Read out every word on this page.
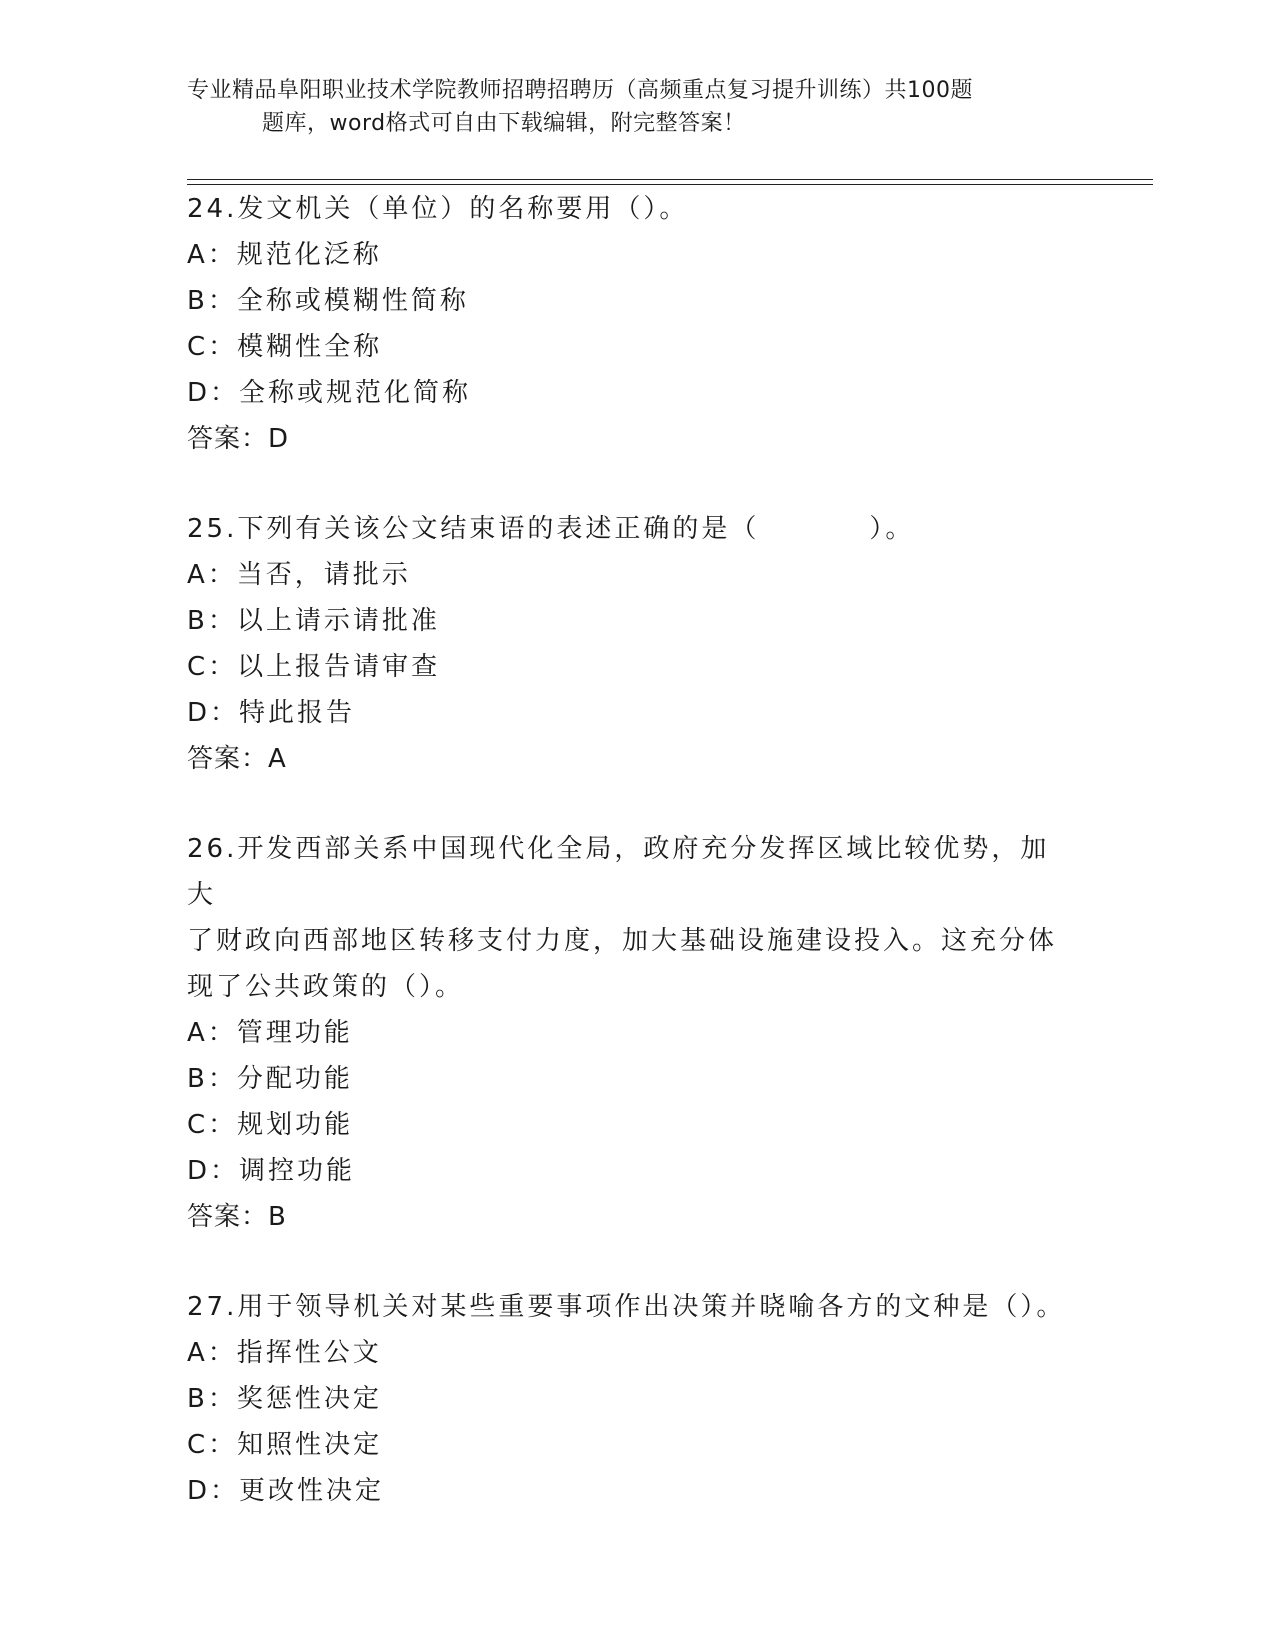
专业精品阜阳职业技术学院教师招聘招聘历（高频重点复习提升训练）共100题
题库，word格式可自由下载编辑，附完整答案！
24.发文机关（单位）的名称要用（）。
A：规范化泛称
B：全称或模糊性简称
C：模糊性全称
D：全称或规范化简称
答案：D
25.下列有关该公文结束语的表述正确的是（	）。
A：当否，请批示
B：以上请示请批准
C：以上报告请审查
D：特此报告
答案：A
26.开发西部关系中国现代化全局，政府充分发挥区域比较优势，加大
了财政向西部地区转移支付力度，加大基础设施建设投入。这充分体
现了公共政策的（）。
A：管理功能
B：分配功能
C：规划功能
D：调控功能
答案：B
27.用于领导机关对某些重要事项作出决策并晓喻各方的文种是（）。
A：指挥性公文
B：奖惩性决定
C：知照性决定
D：更改性决定
